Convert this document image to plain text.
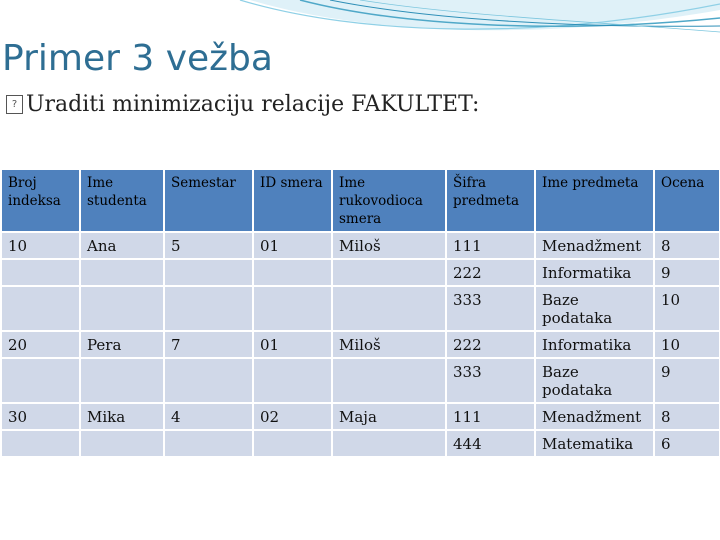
Primer 3 vežba
? Uraditi minimizaciju relacije FAKULTET:
Broj indeksa	Ime studenta	Semestar	ID smera	Ime rukovodioca smera	Šifra predmeta	Ime predmeta	Ocena
10	Ana	5	01	Miloš	111	Menadžment	8
					222	Informatika	9
					333	Baze podataka	10
20	Pera	7	01	Miloš	222	Informatika	10
					333	Baze podataka	9
30	Mika	4	02	Maja	111	Menadžment	8
					444	Matematika	6
